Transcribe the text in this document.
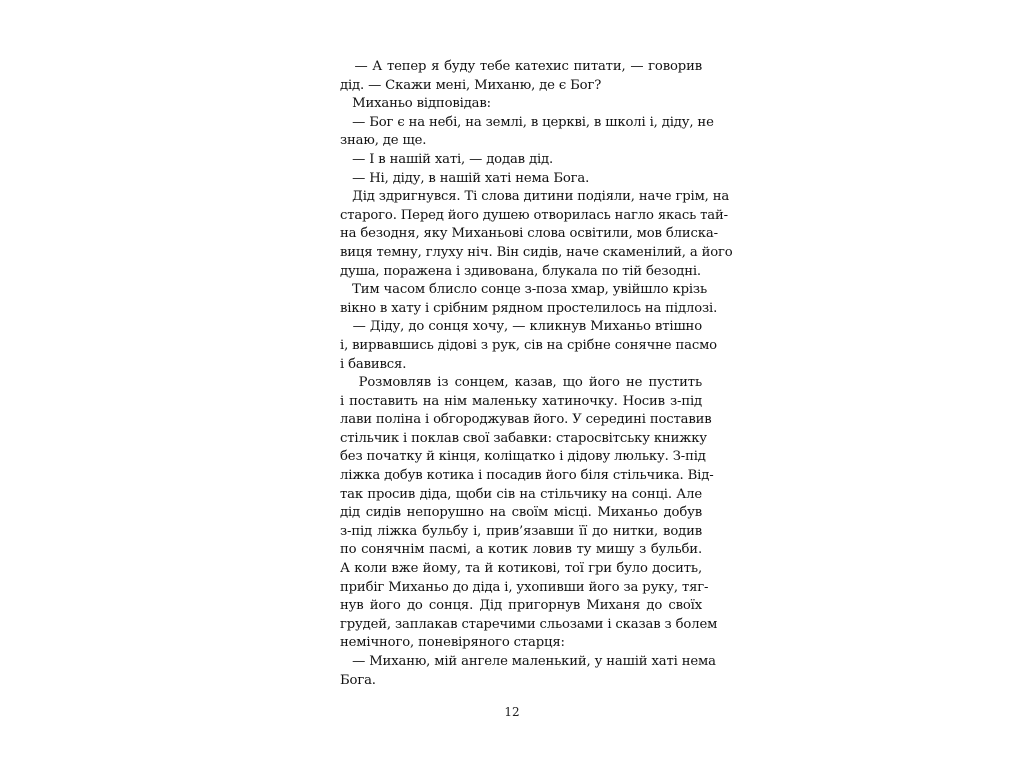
— А тепер я буду тебе катехис питати, — говорив
дід. — Скажи мені, Миханю, де є Бог?
Миханьо відповідав:
— Бог є на небі, на землі, в церкві, в школі і, діду, не
знаю, де ще.
— І в нашій хаті, — додав дід.
— Ні, діду, в нашій хаті нема Бога.
Дід здригнувся. Ті слова дитини подіяли, наче грім, на
старого. Перед його душею отворилась нагло якась тай-
на безодня, яку Миханьові слова освітили, мов блиска-
виця темну, глуху ніч. Він сидів, наче скаменілий, а його
душа, поражена і здивована, блукала по тій безодні.
Тим часом блисло сонце з-поза хмар, увійшло крізь
вікно в хату і срібним рядном простелилось на підлозі.
— Діду, до сонця хочу, — кликнув Миханьо втішно
і, вирвавшись дідові з рук, сів на срібне сонячне пасмо
і бавився.
Розмовляв із сонцем, казав, що його не пустить
і поставить на нім маленьку хатиночку. Носив з-під
лави поліна і обгороджував його. У середині поставив
стільчик і поклав свої забавки: старосвітську книжку
без початку й кінця, коліщатко і дідову люльку. З-під
ліжка добув котика і посадив його біля стільчика. Від-
так просив діда, щоби сів на стільчику на сонці. Але
дід сидів непорушно на своїм місці. Миханьо добув
з-під ліжка бульбу і, прив’язавши її до нитки, водив
по сонячнім пасмі, а котик ловив ту мишу з бульби.
А коли вже йому, та й котикові, тої гри було досить,
прибіг Миханьо до діда і, ухопивши його за руку, тяг-
нув його до сонця. Дід пригорнув Миханя до своїх
грудей, заплакав старечими сльозами і сказав з болем
немічного, поневіряного старця:
— Миханю, мій ангеле маленький, у нашій хаті нема
Бога.
12
